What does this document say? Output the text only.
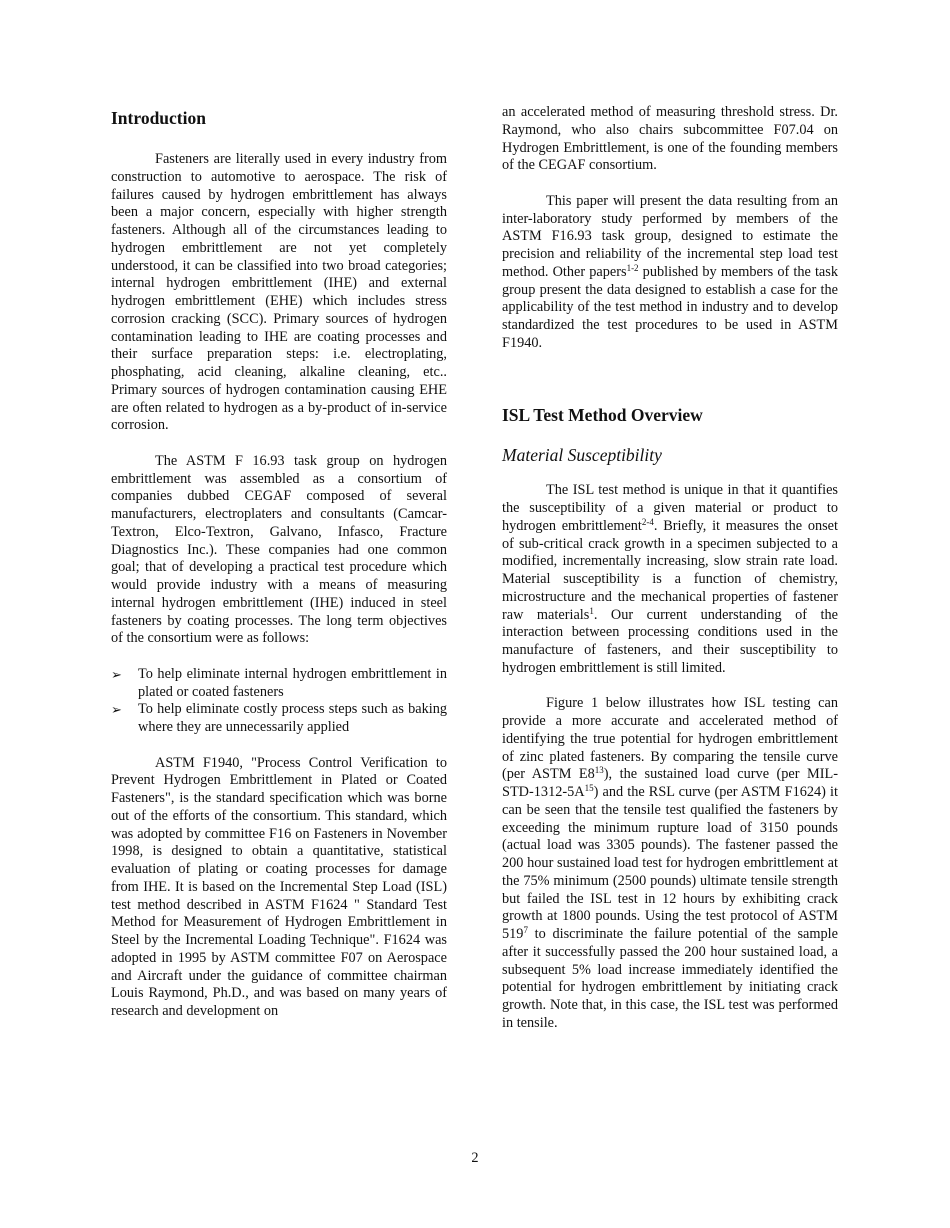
Introduction

Fasteners are literally used in every industry from construction to automotive to aerospace. The risk of failures caused by hydrogen embrittlement has always been a major concern, especially with higher strength fasteners. Although all of the circumstances leading to hydrogen embrittlement are not yet completely understood, it can be classified into two broad categories; internal hydrogen embrittlement (IHE) and external hydrogen embrittlement (EHE) which includes stress corrosion cracking (SCC). Primary sources of hydrogen contamination leading to IHE are coating processes and their surface preparation steps: i.e. electroplating, phosphating, acid cleaning, alkaline cleaning, etc.. Primary sources of hydrogen contamination causing EHE are often related to hydrogen as a by-product of in-service corrosion.

The ASTM F 16.93 task group on hydrogen embrittlement was assembled as a consortium of companies dubbed CEGAF composed of several manufacturers, electroplaters and consultants (Camcar-Textron, Elco-Textron, Galvano, Infasco, Fracture Diagnostics Inc.). These companies had one common goal; that of developing a practical test procedure which would provide industry with a means of measuring internal hydrogen embrittlement (IHE) induced in steel fasteners by coating processes. The long term objectives of the consortium were as follows:

➢ To help eliminate internal hydrogen embrittlement in plated or coated fasteners
➢ To help eliminate costly process steps such as baking where they are unnecessarily applied

ASTM F1940, "Process Control Verification to Prevent Hydrogen Embrittlement in Plated or Coated Fasteners", is the standard specification which was borne out of the efforts of the consortium. This standard, which was adopted by committee F16 on Fasteners in November 1998, is designed to obtain a quantitative, statistical evaluation of plating or coating processes for damage from IHE. It is based on the Incremental Step Load (ISL) test method described in ASTM F1624 " Standard Test Method for Measurement of Hydrogen Embrittlement in Steel by the Incremental Loading Technique". F1624 was adopted in 1995 by ASTM committee F07 on Aerospace and Aircraft under the guidance of committee chairman Louis Raymond, Ph.D., and was based on many years of research and development on

an accelerated method of measuring threshold stress. Dr. Raymond, who also chairs subcommittee F07.04 on Hydrogen Embrittlement, is one of the founding members of the CEGAF consortium.

This paper will present the data resulting from an inter-laboratory study performed by members of the ASTM F16.93 task group, designed to estimate the precision and reliability of the incremental step load test method. Other papers$^{1-2}$ published by members of the task group present the data designed to establish a case for the applicability of the test method in industry and to develop standardized the test procedures to be used in ASTM F1940.

ISL Test Method Overview
Material Susceptibility

The ISL test method is unique in that it quantifies the susceptibility of a given material or product to hydrogen embrittlement$^{2-4}$. Briefly, it measures the onset of sub-critical crack growth in a specimen subjected to a modified, incrementally increasing, slow strain rate load. Material susceptibility is a function of chemistry, microstructure and the mechanical properties of fastener raw materials$^1$. Our current understanding of the interaction between processing conditions used in the manufacture of fasteners, and their susceptibility to hydrogen embrittlement is still limited.

Figure 1 below illustrates how ISL testing can provide a more accurate and accelerated method of identifying the true potential for hydrogen embrittlement of zinc plated fasteners. By comparing the tensile curve (per ASTM $E8^{13}$), the sustained load curve (per MIL-$STD-1312-5A^{15}$) and the RSL curve (per ASTM F1624) it can be seen that the tensile test qualified the fasteners by exceeding the minimum rupture load of 3150 pounds (actual load was 3305 pounds). The fastener passed the 200 hour sustained load test for hydrogen embrittlement at the 75% minimum (2500 pounds) ultimate tensile strength but failed the ISL test in 12 hours by exhibiting crack growth at 1800 pounds. Using the test protocol of ASTM $519^7$ to discriminate the failure potential of the sample after it successfully passed the 200 hour sustained load, a subsequent 5% load increase immediately identified the potential for hydrogen embrittlement by initiating crack growth. Note that, in this case, the ISL test was performed in tensile.

2
